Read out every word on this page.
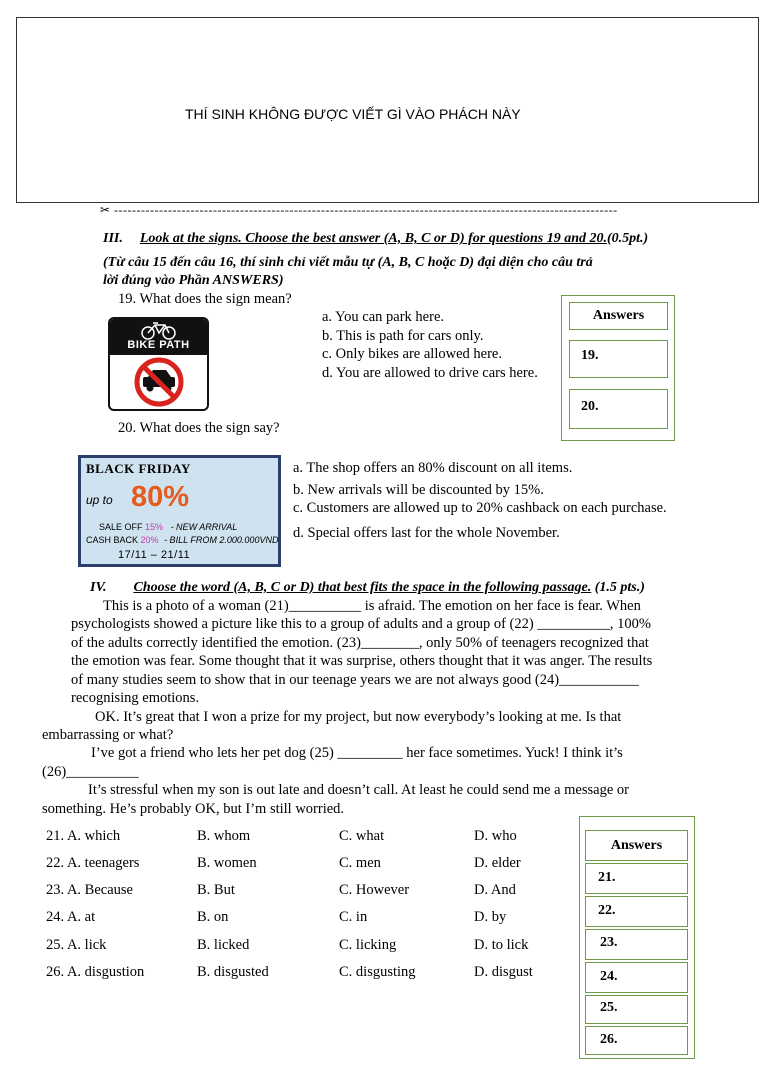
THÍ SINH KHÔNG ĐƯỢC VIẾT GÌ VÀO PHÁCH NÀY
✂ ----------------------------------------------------------------------------------------------------------------
III. Look at the signs. Choose the best answer (A, B, C or D) for questions 19 and 20.(0.5pt.)
(Từ câu 15 đến câu 16, thí sinh chỉ viết mẫu tự (A, B, C hoặc D) đại diện cho câu trả
lời đúng vào Phần ANSWERS)
19. What does the sign mean?
BIKE PATH
a. You can park here.
b. This is path for cars only.
c. Only bikes are allowed here.
d. You are allowed to drive cars here.
Answers
19.
20.
20. What does the sign say?
BLACK FRIDAY
up to 80%
SALE OFF 15% - NEW ARRIVAL
CASH BACK 20% - BILL FROM 2.000.000VND
17/11 – 21/11
a. The shop offers an 80% discount on all items.
b. New arrivals will be discounted by 15%.
c. Customers are allowed up to 20% cashback on each purchase.
d. Special offers last for the whole November.
IV. Choose the word (A, B, C or D) that best fits the space in the following passage. (1.5 pts.)
This is a photo of a woman (21)__________ is afraid. The emotion on her face is fear. When
psychologists showed a picture like this to a group of adults and a group of (22) __________, 100%
of the adults correctly identified the emotion. (23)________, only 50% of teenagers recognized that
the emotion was fear. Some thought that it was surprise, others thought that it was anger. The results
of many studies seem to show that in our teenage years we are not always good (24)___________
recognising emotions.
OK. It’s great that I won a prize for my project, but now everybody’s looking at me. Is that
embarrassing or what?
I’ve got a friend who lets her pet dog (25) _________ her face sometimes. Yuck! I think it’s
(26)__________
It’s stressful when my son is out late and doesn’t call. At least he could send me a message or
something. He’s probably OK, but I’m still worried.
21. A. which	B. whom	C. what	D. who
22. A. teenagers	B. women	C. men	D. elder
23. A. Because	B. But	C. However	D. And
24. A. at	B. on	C. in	D. by
25. A. lick	B. licked	C. licking	D. to lick
26. A. disgustion	B. disgusted	C. disgusting	D. disgust
Answers
21.
22.
23.
24.
25.
26.
